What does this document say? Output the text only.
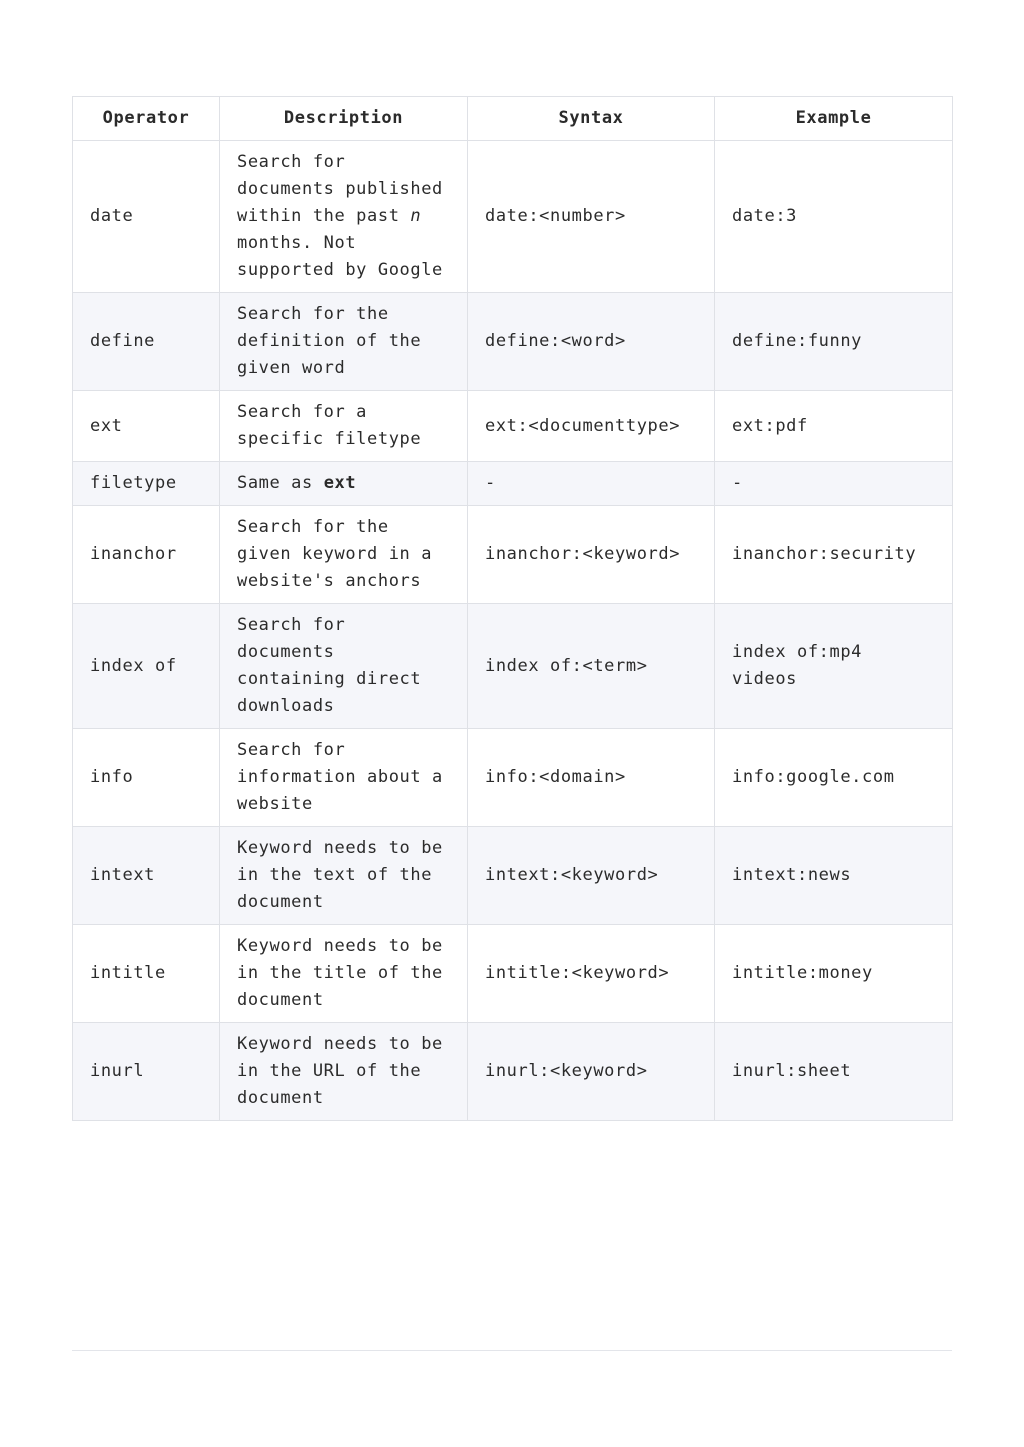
Operator	Description	Syntax	Example
date	Search for documents published within the past n months. Not supported by Google	date:<number>	date:3
define	Search for the definition of the given word	define:<word>	define:funny
ext	Search for a specific filetype	ext:<documenttype>	ext:pdf
filetype	Same as ext	-	-
inanchor	Search for the given keyword in a website's anchors	inanchor:<keyword>	inanchor:security
index of	Search for documents containing direct downloads	index of:<term>	index of:mp4 videos
info	Search for information about a website	info:<domain>	info:google.com
intext	Keyword needs to be in the text of the document	intext:<keyword>	intext:news
intitle	Keyword needs to be in the title of the document	intitle:<keyword>	intitle:money
inurl	Keyword needs to be in the URL of the document	inurl:<keyword>	inurl:sheet
